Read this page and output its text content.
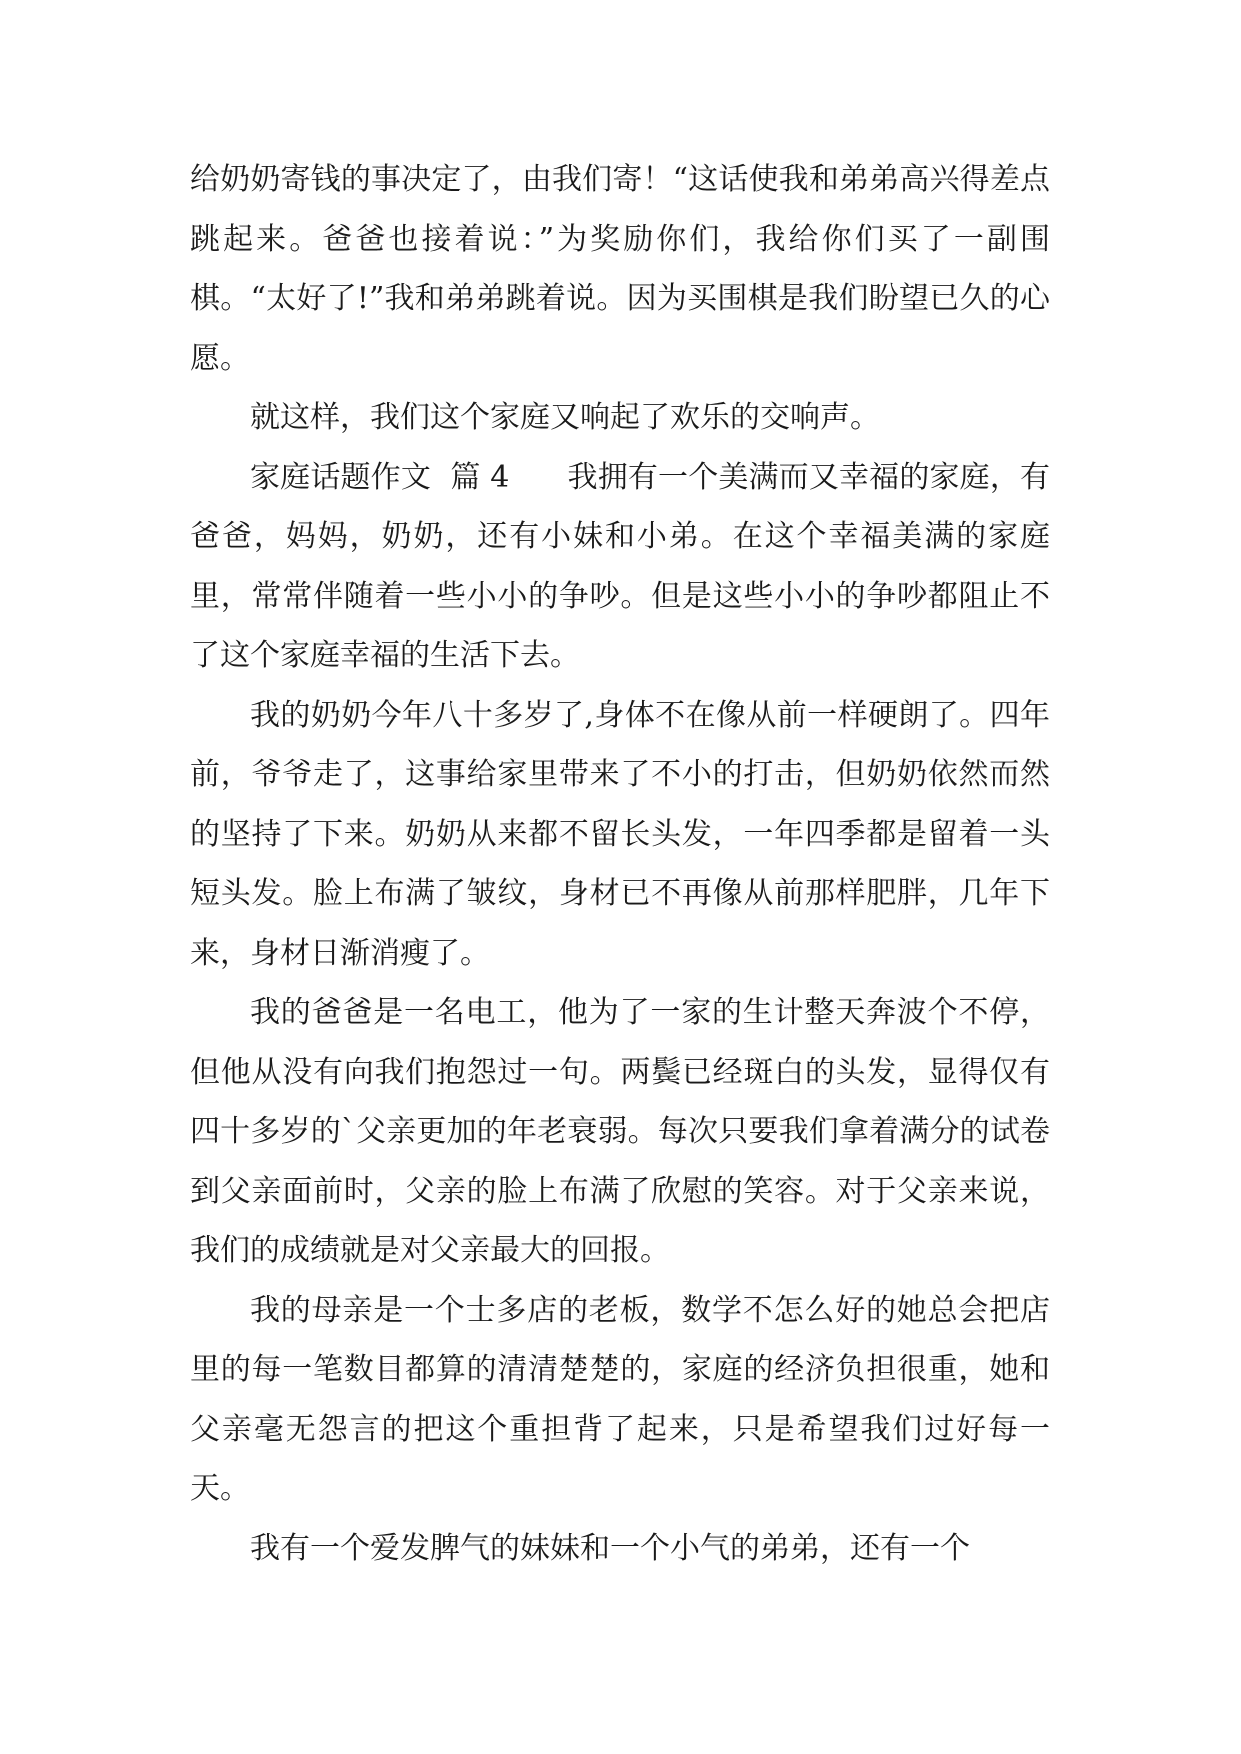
给奶奶寄钱的事决定了，由我们寄！“这话使我和弟弟高兴得差点跳起来。爸爸也接着说：”为奖励你们，我给你们买了一副围棋。“太好了!”我和弟弟跳着说。因为买围棋是我们盼望已久的心愿。

就这样，我们这个家庭又响起了欢乐的交响声。

家庭话题作文  篇 4      我拥有一个美满而又幸福的家庭，有爸爸，妈妈，奶奶，还有小妹和小弟。在这个幸福美满的家庭里，常常伴随着一些小小的争吵。但是这些小小的争吵都阻止不了这个家庭幸福的生活下去。

我的奶奶今年八十多岁了,身体不在像从前一样硬朗了。四年前，爷爷走了，这事给家里带来了不小的打击，但奶奶依然而然的坚持了下来。奶奶从来都不留长头发，一年四季都是留着一头短头发。脸上布满了皱纹，身材已不再像从前那样肥胖，几年下来，身材日渐消瘦了。

我的爸爸是一名电工，他为了一家的生计整天奔波个不停，但他从没有向我们抱怨过一句。两鬓已经斑白的头发，显得仅有四十多岁的`父亲更加的年老衰弱。每次只要我们拿着满分的试卷到父亲面前时，父亲的脸上布满了欣慰的笑容。对于父亲来说，我们的成绩就是对父亲最大的回报。

我的母亲是一个士多店的老板，数学不怎么好的她总会把店里的每一笔数目都算的清清楚楚的，家庭的经济负担很重，她和父亲毫无怨言的把这个重担背了起来，只是希望我们过好每一天。

我有一个爱发脾气的妹妹和一个小气的弟弟，还有一个
